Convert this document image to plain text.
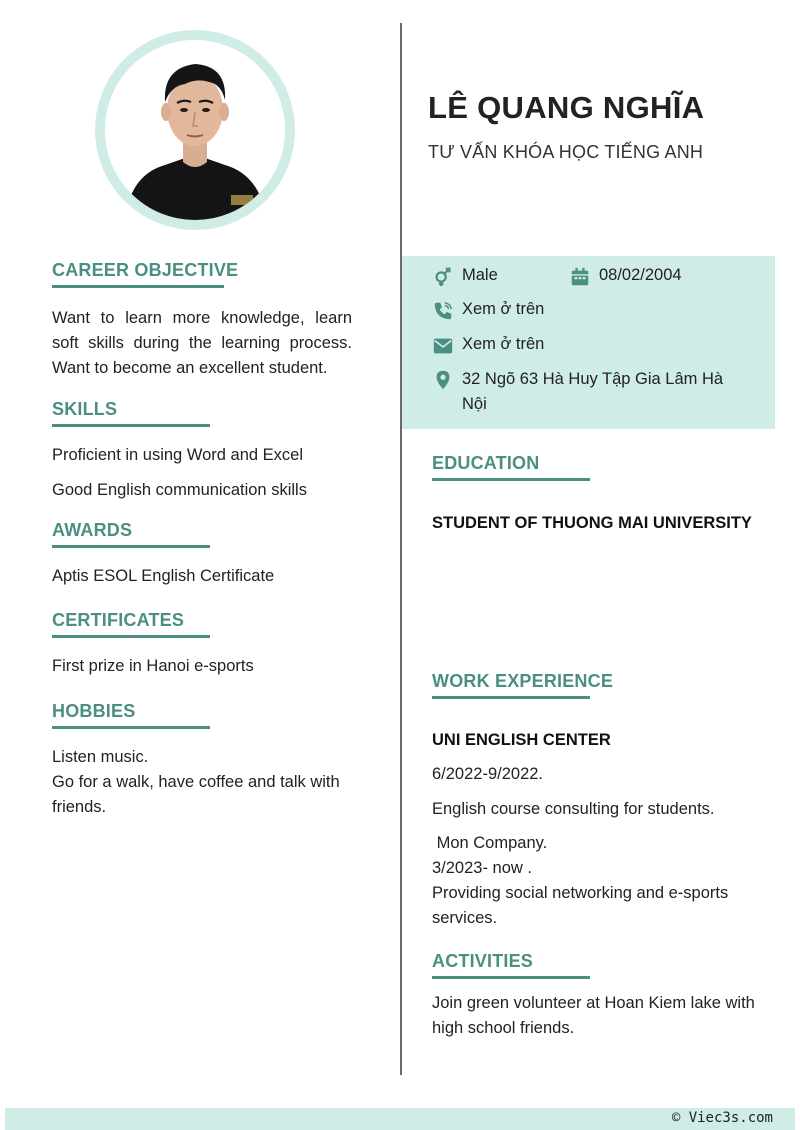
LÊ QUANG NGHĨA
TƯ VẤN KHÓA HỌC TIẾNG ANH
Male	08/02/2004
Xem ở trên
Xem ở trên
32 Ngõ 63 Hà Huy Tập Gia Lâm Hà Nội
CAREER OBJECTIVE
Want to learn more knowledge, learn soft skills during the learning process. Want to become an excellent student.
SKILLS
Proficient in using Word and Excel
Good English communication skills
AWARDS
Aptis ESOL English Certificate
CERTIFICATES
First prize in Hanoi e-sports
HOBBIES
Listen music.
Go for a walk, have coffee and talk with friends.
EDUCATION
STUDENT OF THUONG MAI UNIVERSITY
WORK EXPERIENCE
UNI ENGLISH CENTER
6/2022-9/2022.
English course consulting for students.
Mon Company.
3/2023- now .
Providing social networking and e-sports services.
ACTIVITIES
Join green volunteer at Hoan Kiem lake with high school friends.
© Viec3s.com
